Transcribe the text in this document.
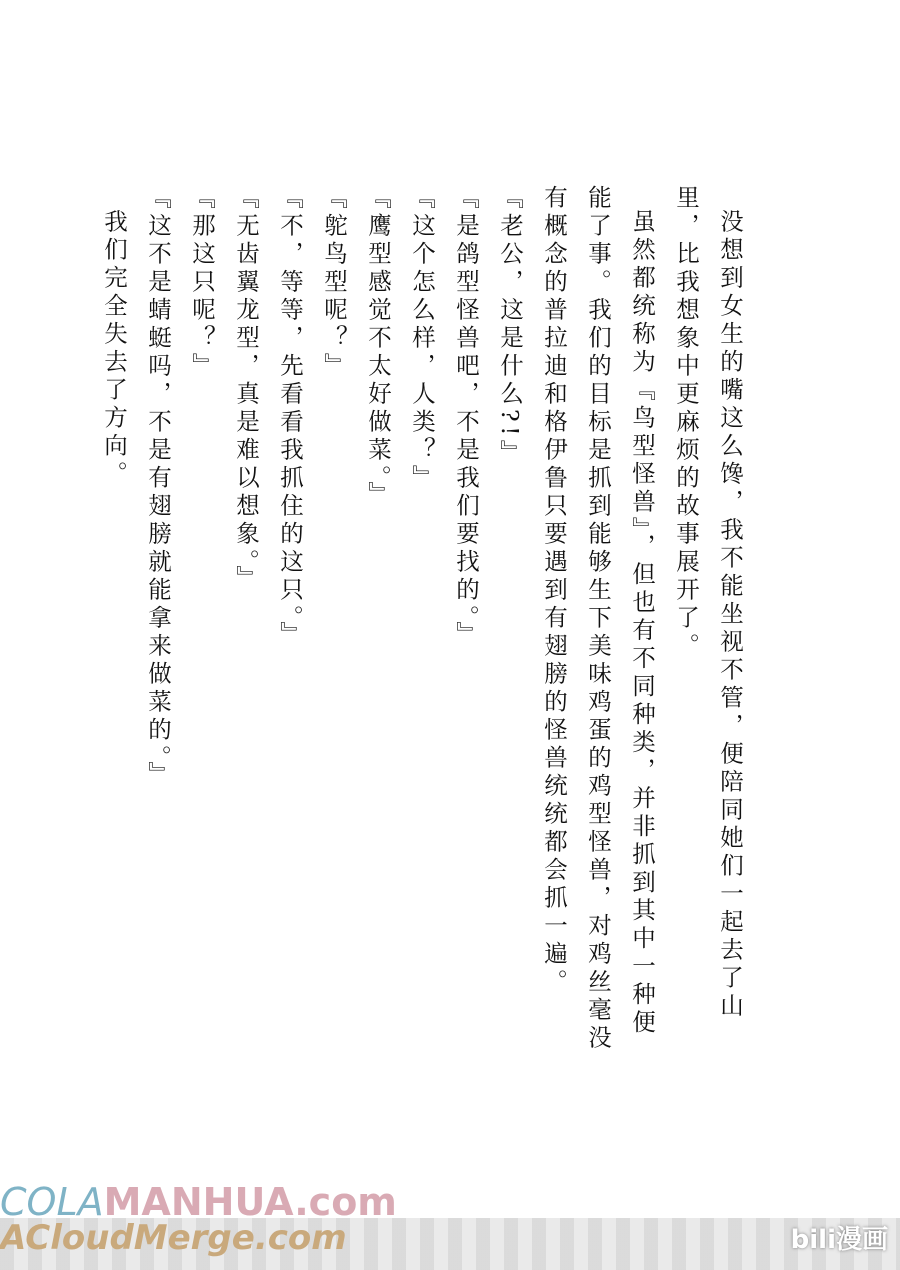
没想到女生的嘴这么馋，我不能坐视不管，便陪同她们一起去了山里，比我想象中更麻烦的故事展开了。

虽然都统称为『鸟型怪兽』，但也有不同种类，并非抓到其中一种便能了事。我们的目标是抓到能够生下美味鸡蛋的鸡型怪兽，对鸡丝毫没有概念的普拉迪和格伊鲁只要遇到有翅膀的怪兽统统都会抓一遍。

『老公，这是什么?!』

『是鸽型怪兽吧，不是我们要找的。』

『这个怎么样，人类？』

『鹰型感觉不太好做菜。』

『鸵鸟型呢？』

『不，等等，先看看我抓住的这只。』

『无齿翼龙型，真是难以想象。』

『那这只呢？』

『这不是蜻蜓吗，不是有翅膀就能拿来做菜的。』

我们完全失去了方向。

COLAMANHUA.com
ACloudMerge.com	bili漫画
